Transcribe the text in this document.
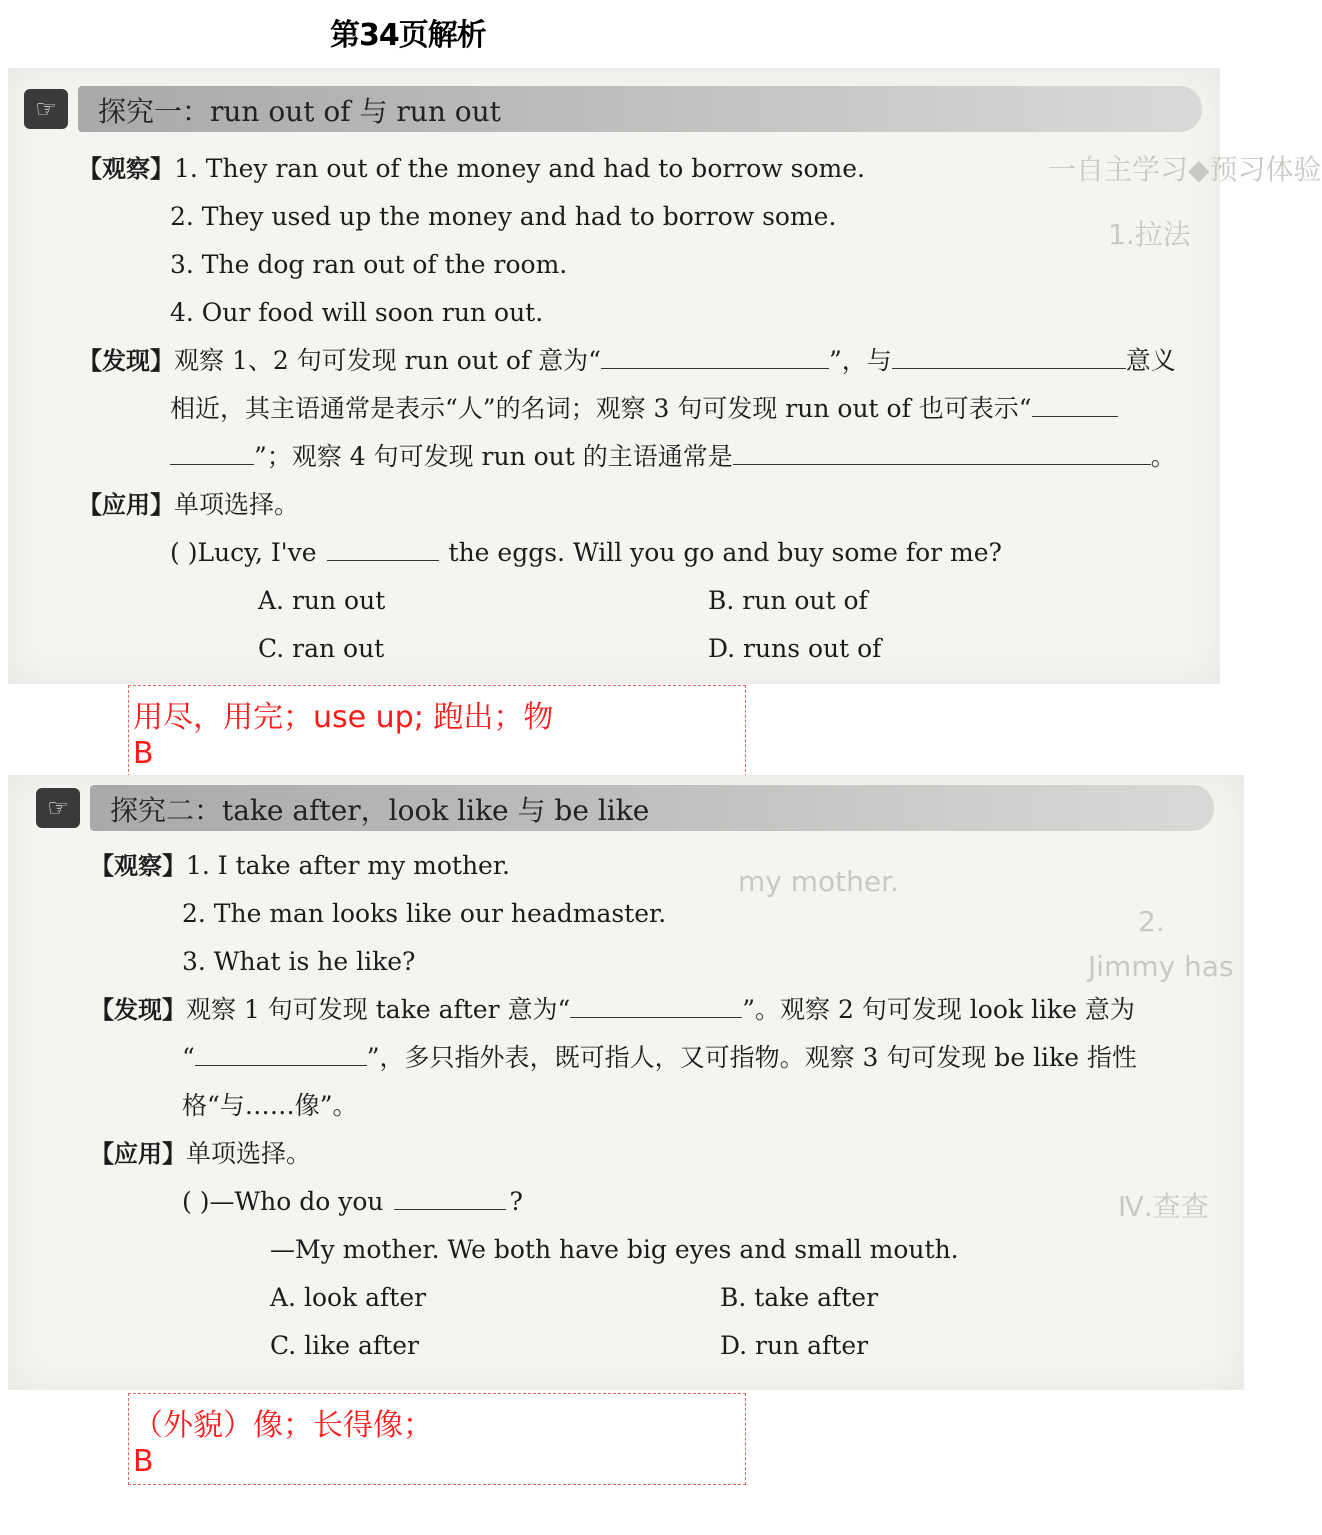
第34页解析
一自主学习◆预习体验
1.拉法
☞	探究一：run out of 与 run out
【观察】1. They ran out of the money and had to borrow some.
2. They used up the money and had to borrow some.
3. The dog ran out of the room.
4. Our food will soon run out.
【发现】观察 1、2 句可发现 run out of 意为“	”，与	意义
相近，其主语通常是表示“人”的名词；观察 3 句可发现 run out of 也可表示“
”；观察 4 句可发现 run out 的主语通常是	。
【应用】单项选择。
( )Lucy, I've	the eggs. Will you go and buy some for me?
A. run out	B. run out of
C. ran out	D. runs out of
用尽，用完；use up; 跑出；物
B
my mother.
2.
Jimmy has
Ⅳ.查查
☞	探究二：take after，look like 与 be like
【观察】1. I take after my mother.
2. The man looks like our headmaster.
3. What is he like?
【发现】观察 1 句可发现 take after 意为“	”。观察 2 句可发现 look like 意为
“	”，多只指外表，既可指人，又可指物。观察 3 句可发现 be like 指性
格“与……像”。
【应用】单项选择。
( )—Who do you	?
—My mother. We both have big eyes and small mouth.
A. look after	B. take after
C. like after	D. run after
（外貌）像；长得像；
B
